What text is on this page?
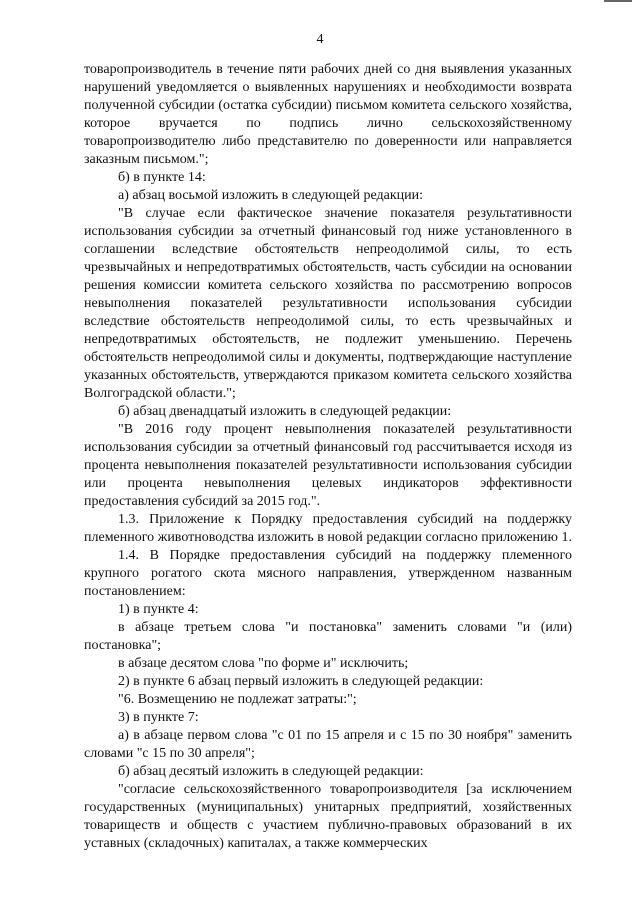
4

товаропроизводитель в течение пяти рабочих дней со дня выявления указанных нарушений уведомляется о выявленных нарушениях и необходимости возврата полученной субсидии (остатка субсидии) письмом комитета сельского хозяйства, которое вручается по подпись лично сельскохозяйственному товаропроизводителю либо представителю по доверенности или направляется заказным письмом.";

б) в пункте 14:

а) абзац восьмой изложить в следующей редакции:

"В случае если фактическое значение показателя результативности использования субсидии за отчетный финансовый год ниже установленного в соглашении вследствие обстоятельств непреодолимой силы, то есть чрезвычайных и непредотвратимых обстоятельств, часть субсидии на основании решения комиссии комитета сельского хозяйства по рассмотрению вопросов невыполнения показателей результативности использования субсидии вследствие обстоятельств непреодолимой силы, то есть чрезвычайных и непредотвратимых обстоятельств, не подлежит уменьшению. Перечень обстоятельств непреодолимой силы и документы, подтверждающие наступление указанных обстоятельств, утверждаются приказом комитета сельского хозяйства Волгоградской области.";

б) абзац двенадцатый изложить в следующей редакции:

"В 2016 году процент невыполнения показателей результативности использования субсидии за отчетный финансовый год рассчитывается исходя из процента невыполнения показателей результативности использования субсидии или процента невыполнения целевых индикаторов эффективности предоставления субсидий за 2015 год.".

1.3. Приложение к Порядку предоставления субсидий на поддержку племенного животноводства изложить в новой редакции согласно приложению 1.

1.4. В Порядке предоставления субсидий на поддержку племенного крупного рогатого скота мясного направления, утвержденном названным постановлением:

1) в пункте 4:

в абзаце третьем слова "и постановка" заменить словами "и (или) постановка";

в абзаце десятом слова "по форме и" исключить;

2) в пункте 6 абзац первый изложить в следующей редакции:

"6. Возмещению не подлежат затраты:";

3) в пункте 7:

а) в абзаце первом слова "с 01 по 15 апреля и с 15 по 30 ноября" заменить словами "с 15 по 30 апреля";

б) абзац десятый изложить в следующей редакции:

"согласие сельскохозяйственного товаропроизводителя [за исключением государственных (муниципальных) унитарных предприятий, хозяйственных товариществ и обществ с участием публично-правовых образований в их уставных (складочных) капиталах, а также коммерческих
